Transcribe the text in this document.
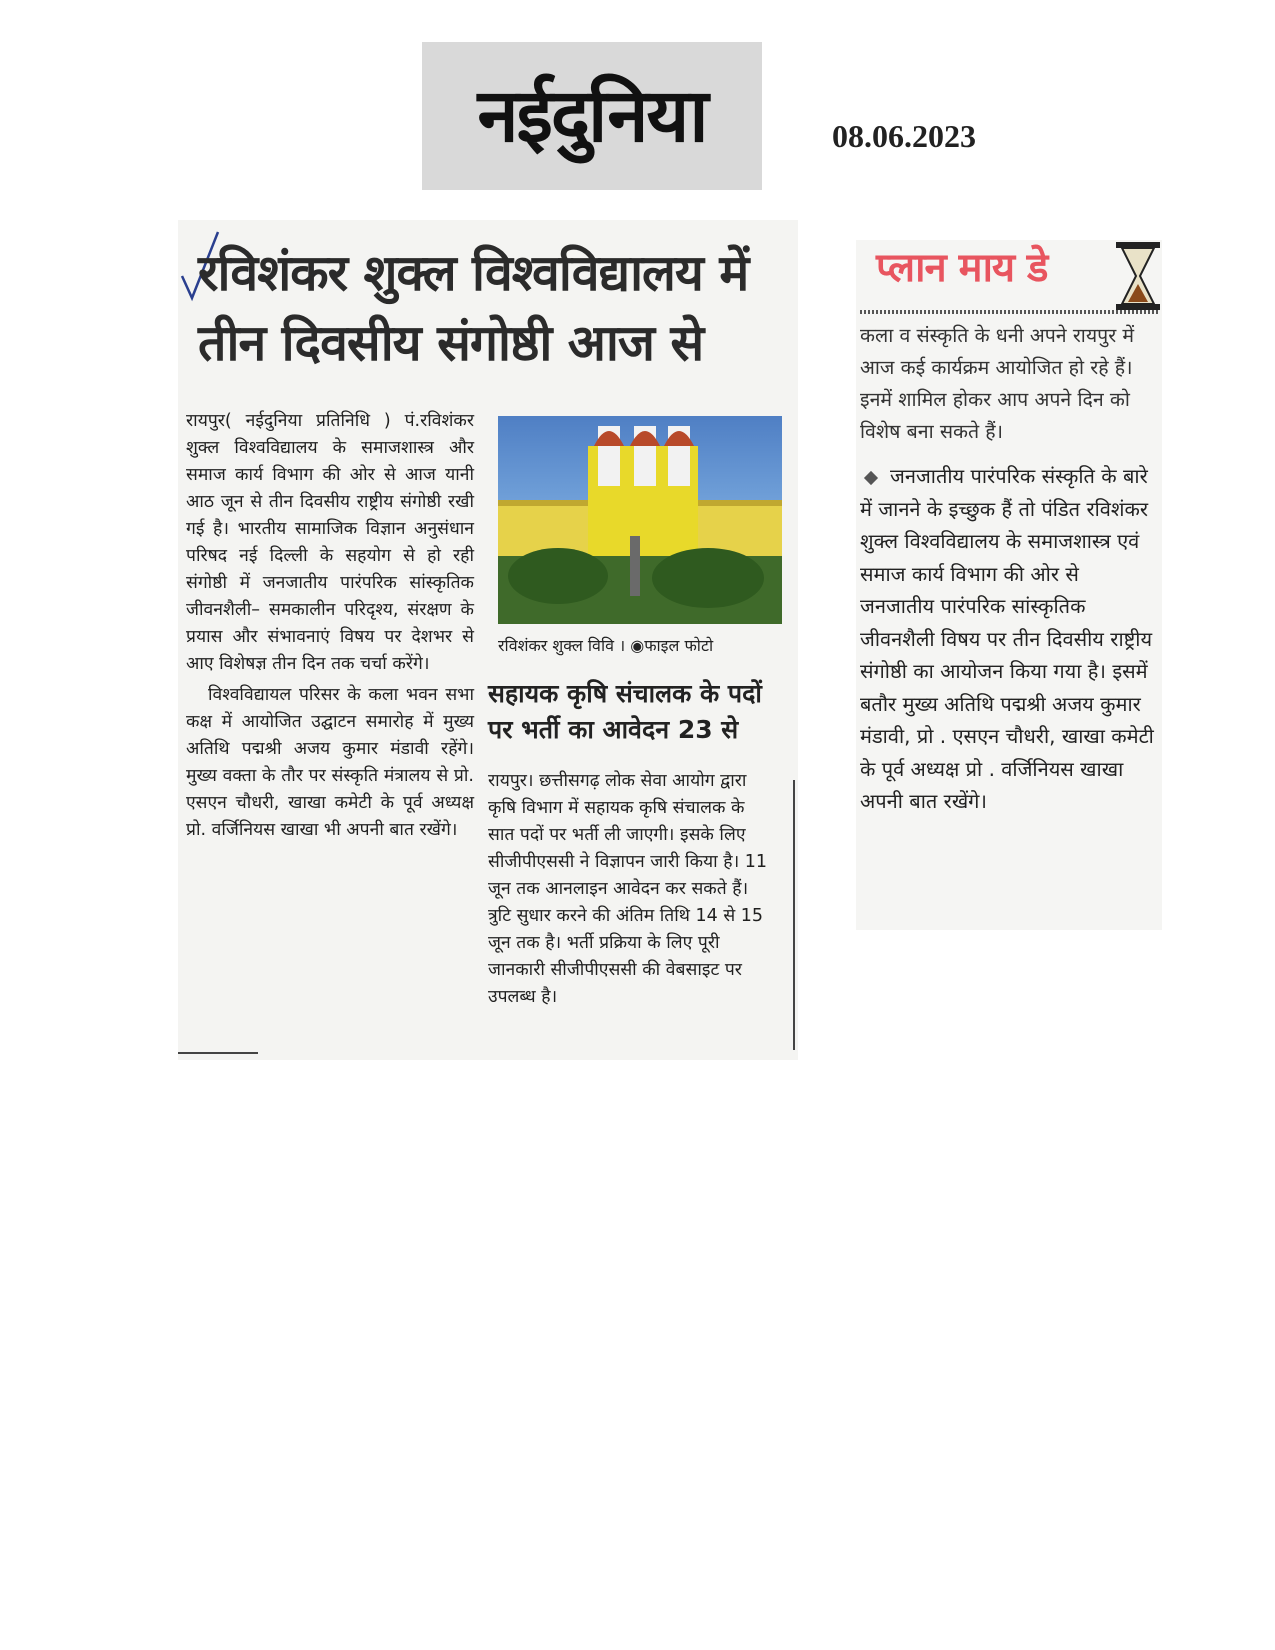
नईदुनिया	08.06.2023
रविशंकर शुक्ल विश्वविद्यालय में तीन दिवसीय संगोष्ठी आज से

रायपुर( नईदुनिया प्रतिनिधि ) पं.रविशंकर शुक्ल विश्वविद्यालय के समाजशास्त्र और समाज कार्य विभाग की ओर से आज यानी आठ जून से तीन दिवसीय राष्ट्रीय संगोष्ठी रखी गई है। भारतीय सामाजिक विज्ञान अनुसंधान परिषद नई दिल्ली के सहयोग से हो रही संगोष्ठी में जनजातीय पारंपरिक सांस्कृतिक जीवनशैली– समकालीन परिदृश्य, संरक्षण के प्रयास और संभावनाएं विषय पर देशभर से आए विशेषज्ञ तीन दिन तक चर्चा करेंगे।

विश्वविद्यायल परिसर के कला भवन सभा कक्ष में आयोजित उद्घाटन समारोह में मुख्य अतिथि पद्मश्री अजय कुमार मंडावी रहेंगे। मुख्य वक्ता के तौर पर संस्कृति मंत्रालय से प्रो. एसएन चौधरी, खाखा कमेटी के पूर्व अध्यक्ष प्रो. वर्जिनियस खाखा भी अपनी बात रखेंगे।

रविशंकर शुक्ल विवि । ◉फाइल फोटो
सहायक कृषि संचालक के पदों पर भर्ती का आवेदन 23 से
रायपुर। छत्तीसगढ़ लोक सेवा आयोग द्वारा कृषि विभाग में सहायक कृषि संचालक के सात पदों पर भर्ती ली जाएगी। इसके लिए सीजीपीएससी ने विज्ञापन जारी किया है। 11 जून तक आनलाइन आवेदन कर सकते हैं। त्रुटि सुधार करने की अंतिम तिथि 14 से 15 जून तक है। भर्ती प्रक्रिया के लिए पूरी जानकारी सीजीपीएससी की वेबसाइट पर उपलब्ध है।
प्लान माय डे
कला व संस्कृति के धनी अपने रायपुर में आज कई कार्यक्रम आयोजित हो रहे हैं। इनमें शामिल होकर आप अपने दिन को विशेष बना सकते हैं।
जनजातीय पारंपरिक संस्कृति के बारे में जानने के इच्छुक हैं तो पंडित रविशंकर शुक्ल विश्वविद्यालय के समाजशास्त्र एवं समाज कार्य विभाग की ओर से जनजातीय पारंपरिक सांस्कृतिक जीवनशैली विषय पर तीन दिवसीय राष्ट्रीय संगोष्ठी का आयोजन किया गया है। इसमें बतौर मुख्य अतिथि पद्मश्री अजय कुमार मंडावी, प्रो . एसएन चौधरी, खाखा कमेटी के पूर्व अध्यक्ष प्रो . वर्जिनियस खाखा अपनी बात रखेंगे।
